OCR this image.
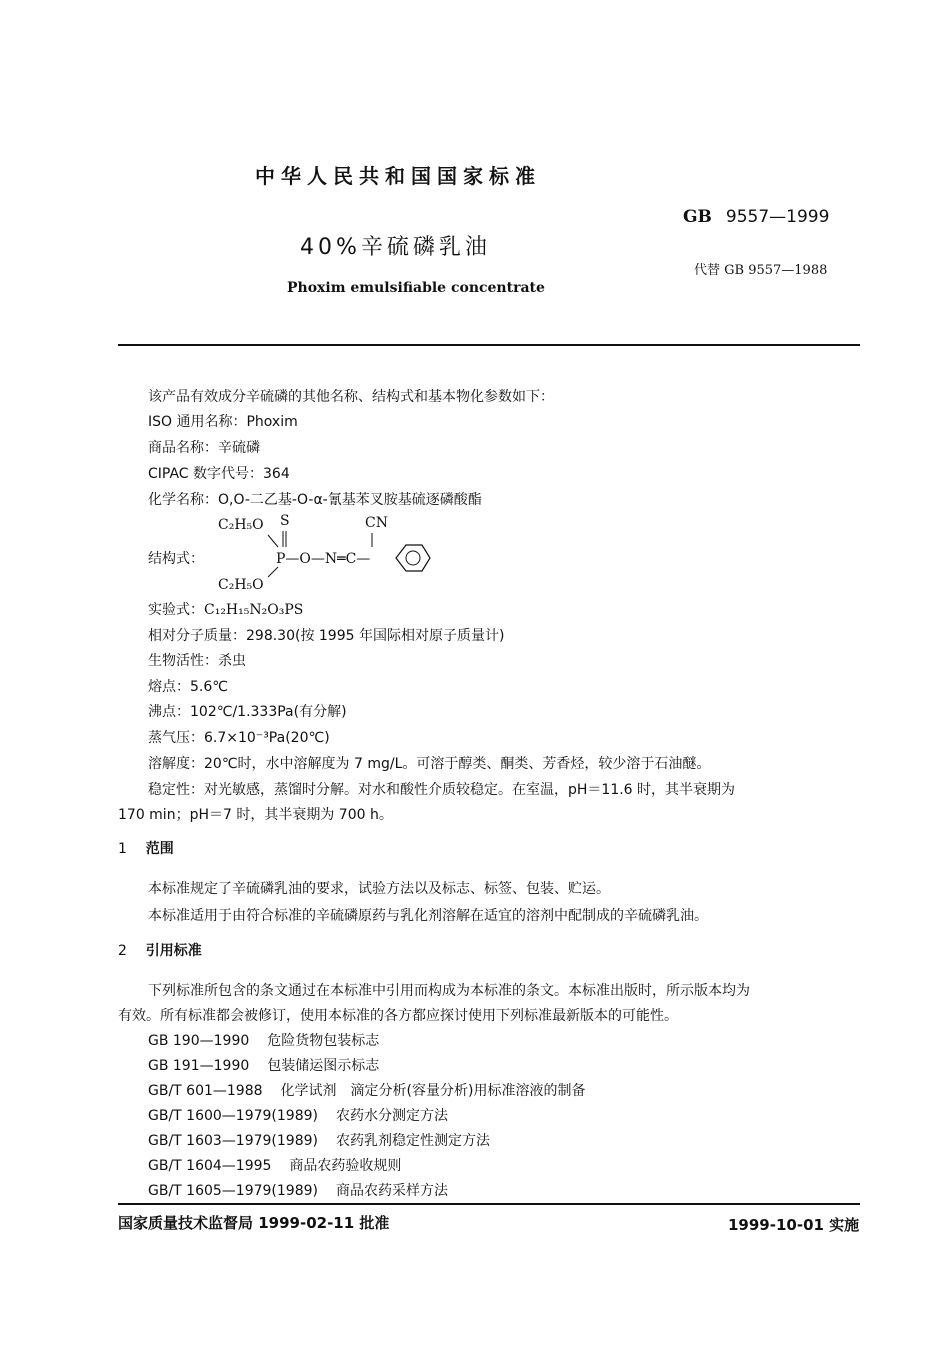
中华人民共和国国家标准
GB 9557—1999
40%辛硫磷乳油
代替 GB 9557—1988
Phoxim emulsifiable concentrate
该产品有效成分辛硫磷的其他名称、结构式和基本物化参数如下：
ISO 通用名称：Phoxim
商品名称：辛硫磷
CIPAC 数字代号：364
化学名称：O,O-二乙基-O-α-氰基苯叉胺基硫逐磷酸酯
结构式：
C₂H₅O S	CN
P—O—N═C—
C₂H₅O
实验式：C₁₂H₁₅N₂O₃PS
相对分子质量：298.30(按 1995 年国际相对原子质量计)
生物活性：杀虫
熔点：5.6℃
沸点：102℃/1.333Pa(有分解)
蒸气压：6.7×10⁻³Pa(20℃)
溶解度：20℃时，水中溶解度为 7 mg/L。可溶于醇类、酮类、芳香烃，较少溶于石油醚。
稳定性：对光敏感，蒸馏时分解。对水和酸性介质较稳定。在室温，pH＝11.6 时，其半衰期为
170 min；pH＝7 时，其半衰期为 700 h。
1 范围
本标准规定了辛硫磷乳油的要求，试验方法以及标志、标签、包装、贮运。
本标准适用于由符合标准的辛硫磷原药与乳化剂溶解在适宜的溶剂中配制成的辛硫磷乳油。
2 引用标准
下列标准所包含的条文通过在本标准中引用而构成为本标准的条文。本标准出版时，所示版本均为
有效。所有标准都会被修订，使用本标准的各方都应探讨使用下列标准最新版本的可能性。
GB 190—1990 危险货物包装标志
GB 191—1990 包装储运图示标志
GB/T 601—1988 化学试剂　滴定分析(容量分析)用标准溶液的制备
GB/T 1600—1979(1989) 农药水分测定方法
GB/T 1603—1979(1989) 农药乳剂稳定性测定方法
GB/T 1604—1995 商品农药验收规则
GB/T 1605—1979(1989) 商品农药采样方法
国家质量技术监督局 1999-02-11 批准	1999-10-01 实施
